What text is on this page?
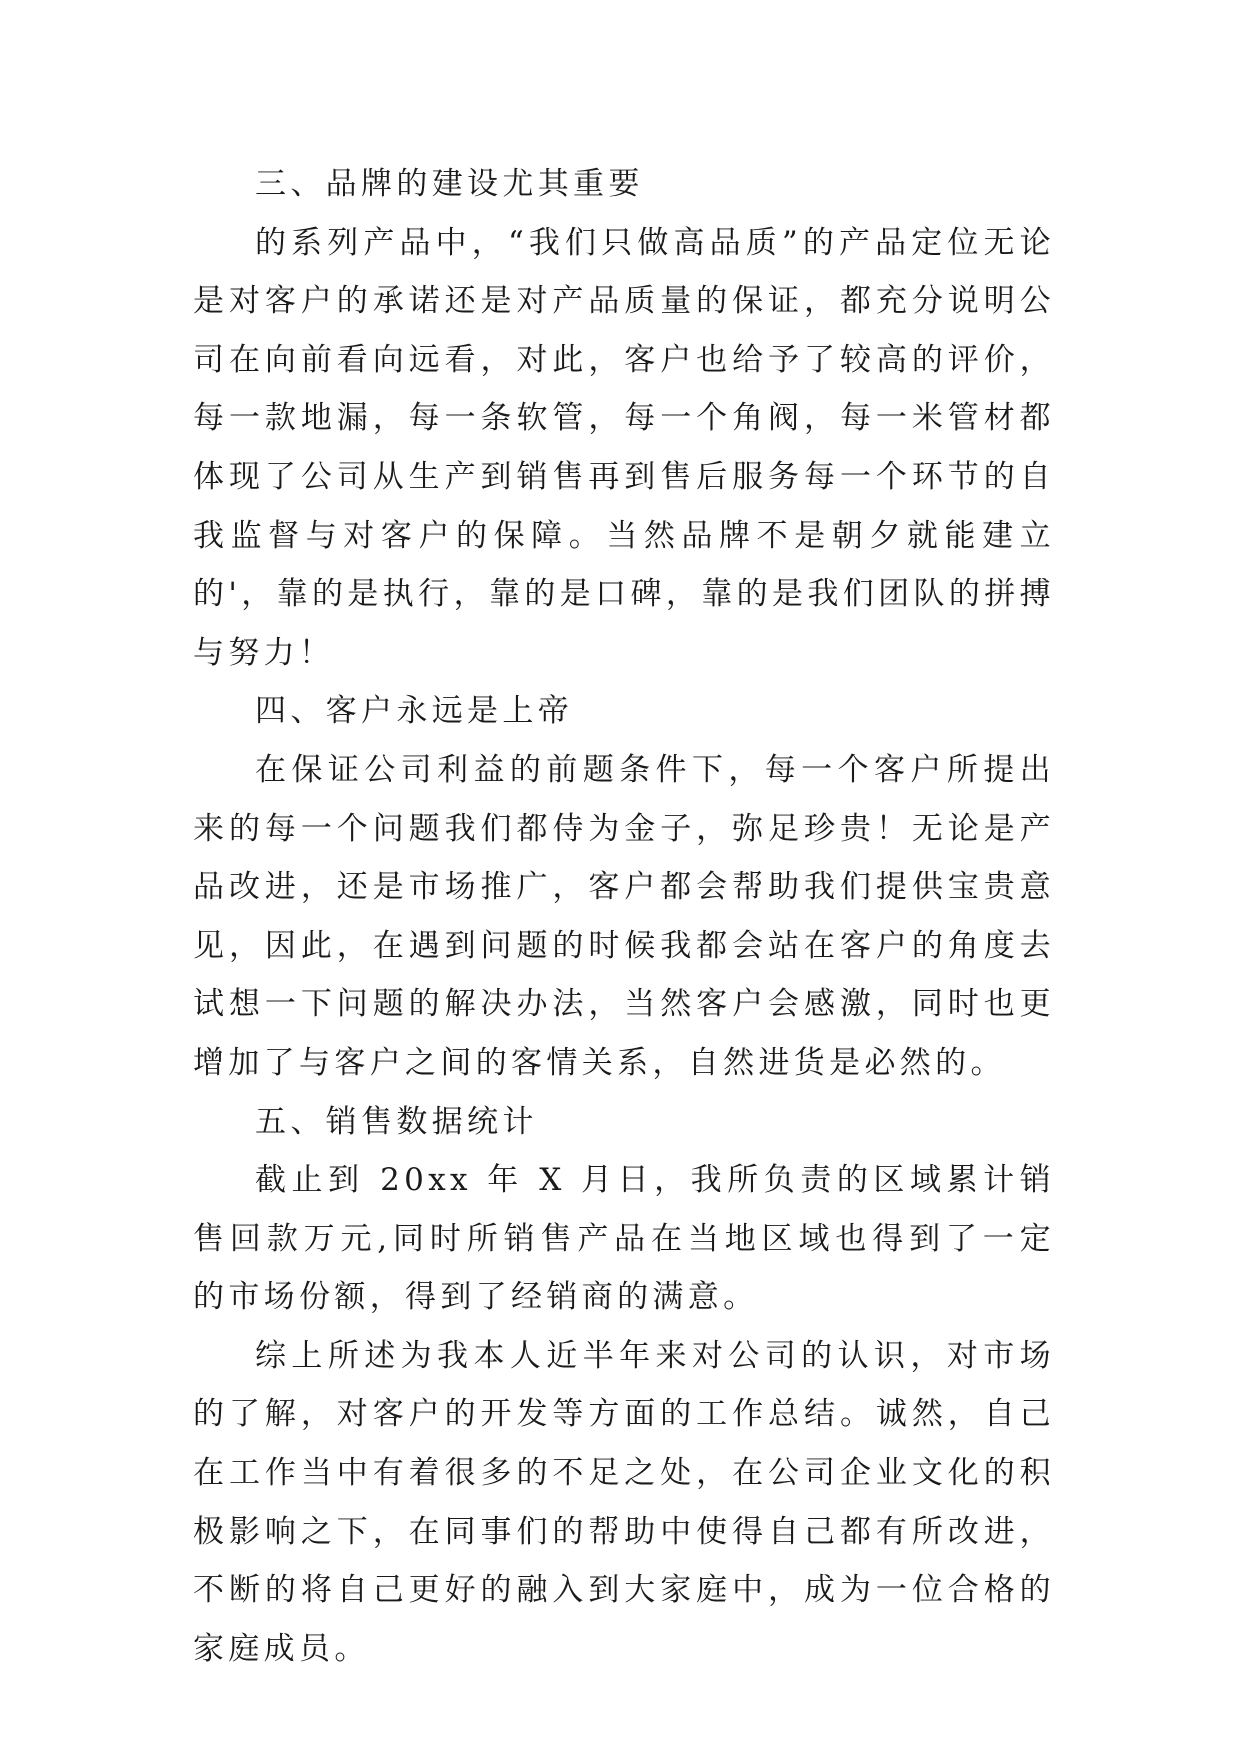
三、品牌的建设尤其重要

的系列产品中，“我们只做高品质”的产品定位无论是对客户的承诺还是对产品质量的保证，都充分说明公司在向前看向远看，对此，客户也给予了较高的评价，每一款地漏，每一条软管，每一个角阀，每一米管材都体现了公司从生产到销售再到售后服务每一个环节的自我监督与对客户的保障。当然品牌不是朝夕就能建立的'，靠的是执行，靠的是口碑，靠的是我们团队的拼搏与努力！

四、客户永远是上帝

在保证公司利益的前题条件下，每一个客户所提出来的每一个问题我们都侍为金子，弥足珍贵！无论是产品改进，还是市场推广，客户都会帮助我们提供宝贵意见，因此，在遇到问题的时候我都会站在客户的角度去试想一下问题的解决办法，当然客户会感激，同时也更增加了与客户之间的客情关系，自然进货是必然的。

五、销售数据统计

截止到 20xx 年 X 月日，我所负责的区域累计销售回款万元,同时所销售产品在当地区域也得到了一定的市场份额，得到了经销商的满意。

综上所述为我本人近半年来对公司的认识，对市场的了解，对客户的开发等方面的工作总结。诚然，自己在工作当中有着很多的不足之处，在公司企业文化的积极影响之下，在同事们的帮助中使得自己都有所改进，不断的将自己更好的融入到大家庭中，成为一位合格的家庭成员。
